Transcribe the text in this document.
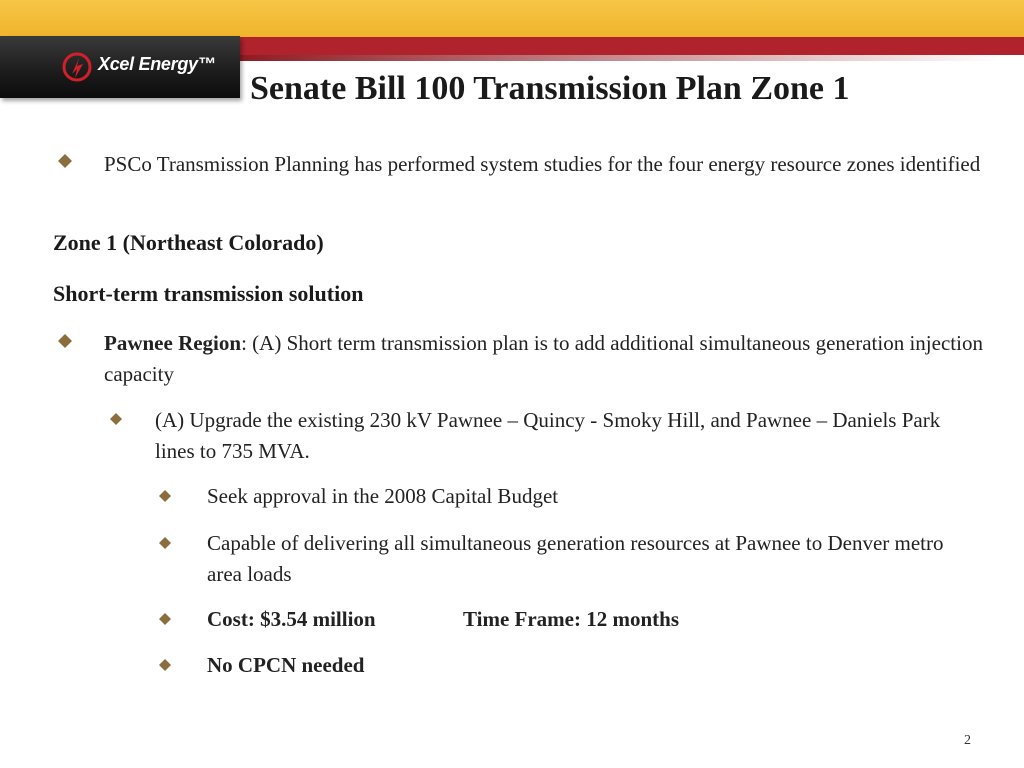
Xcel Energy™
Senate Bill 100 Transmission Plan Zone 1
PSCo Transmission Planning has performed system studies for the four energy resource zones identified
Zone 1 (Northeast Colorado)
Short-term transmission solution
Pawnee Region: (A) Short term transmission plan is to add additional simultaneous generation injection capacity
(A) Upgrade the existing 230 kV Pawnee – Quincy - Smoky Hill, and Pawnee – Daniels Park lines to 735 MVA.
Seek approval in the 2008 Capital Budget
Capable of delivering all simultaneous generation resources at Pawnee to Denver metro area loads
Cost: $3.54 million	Time Frame: 12 months
No CPCN needed
2
